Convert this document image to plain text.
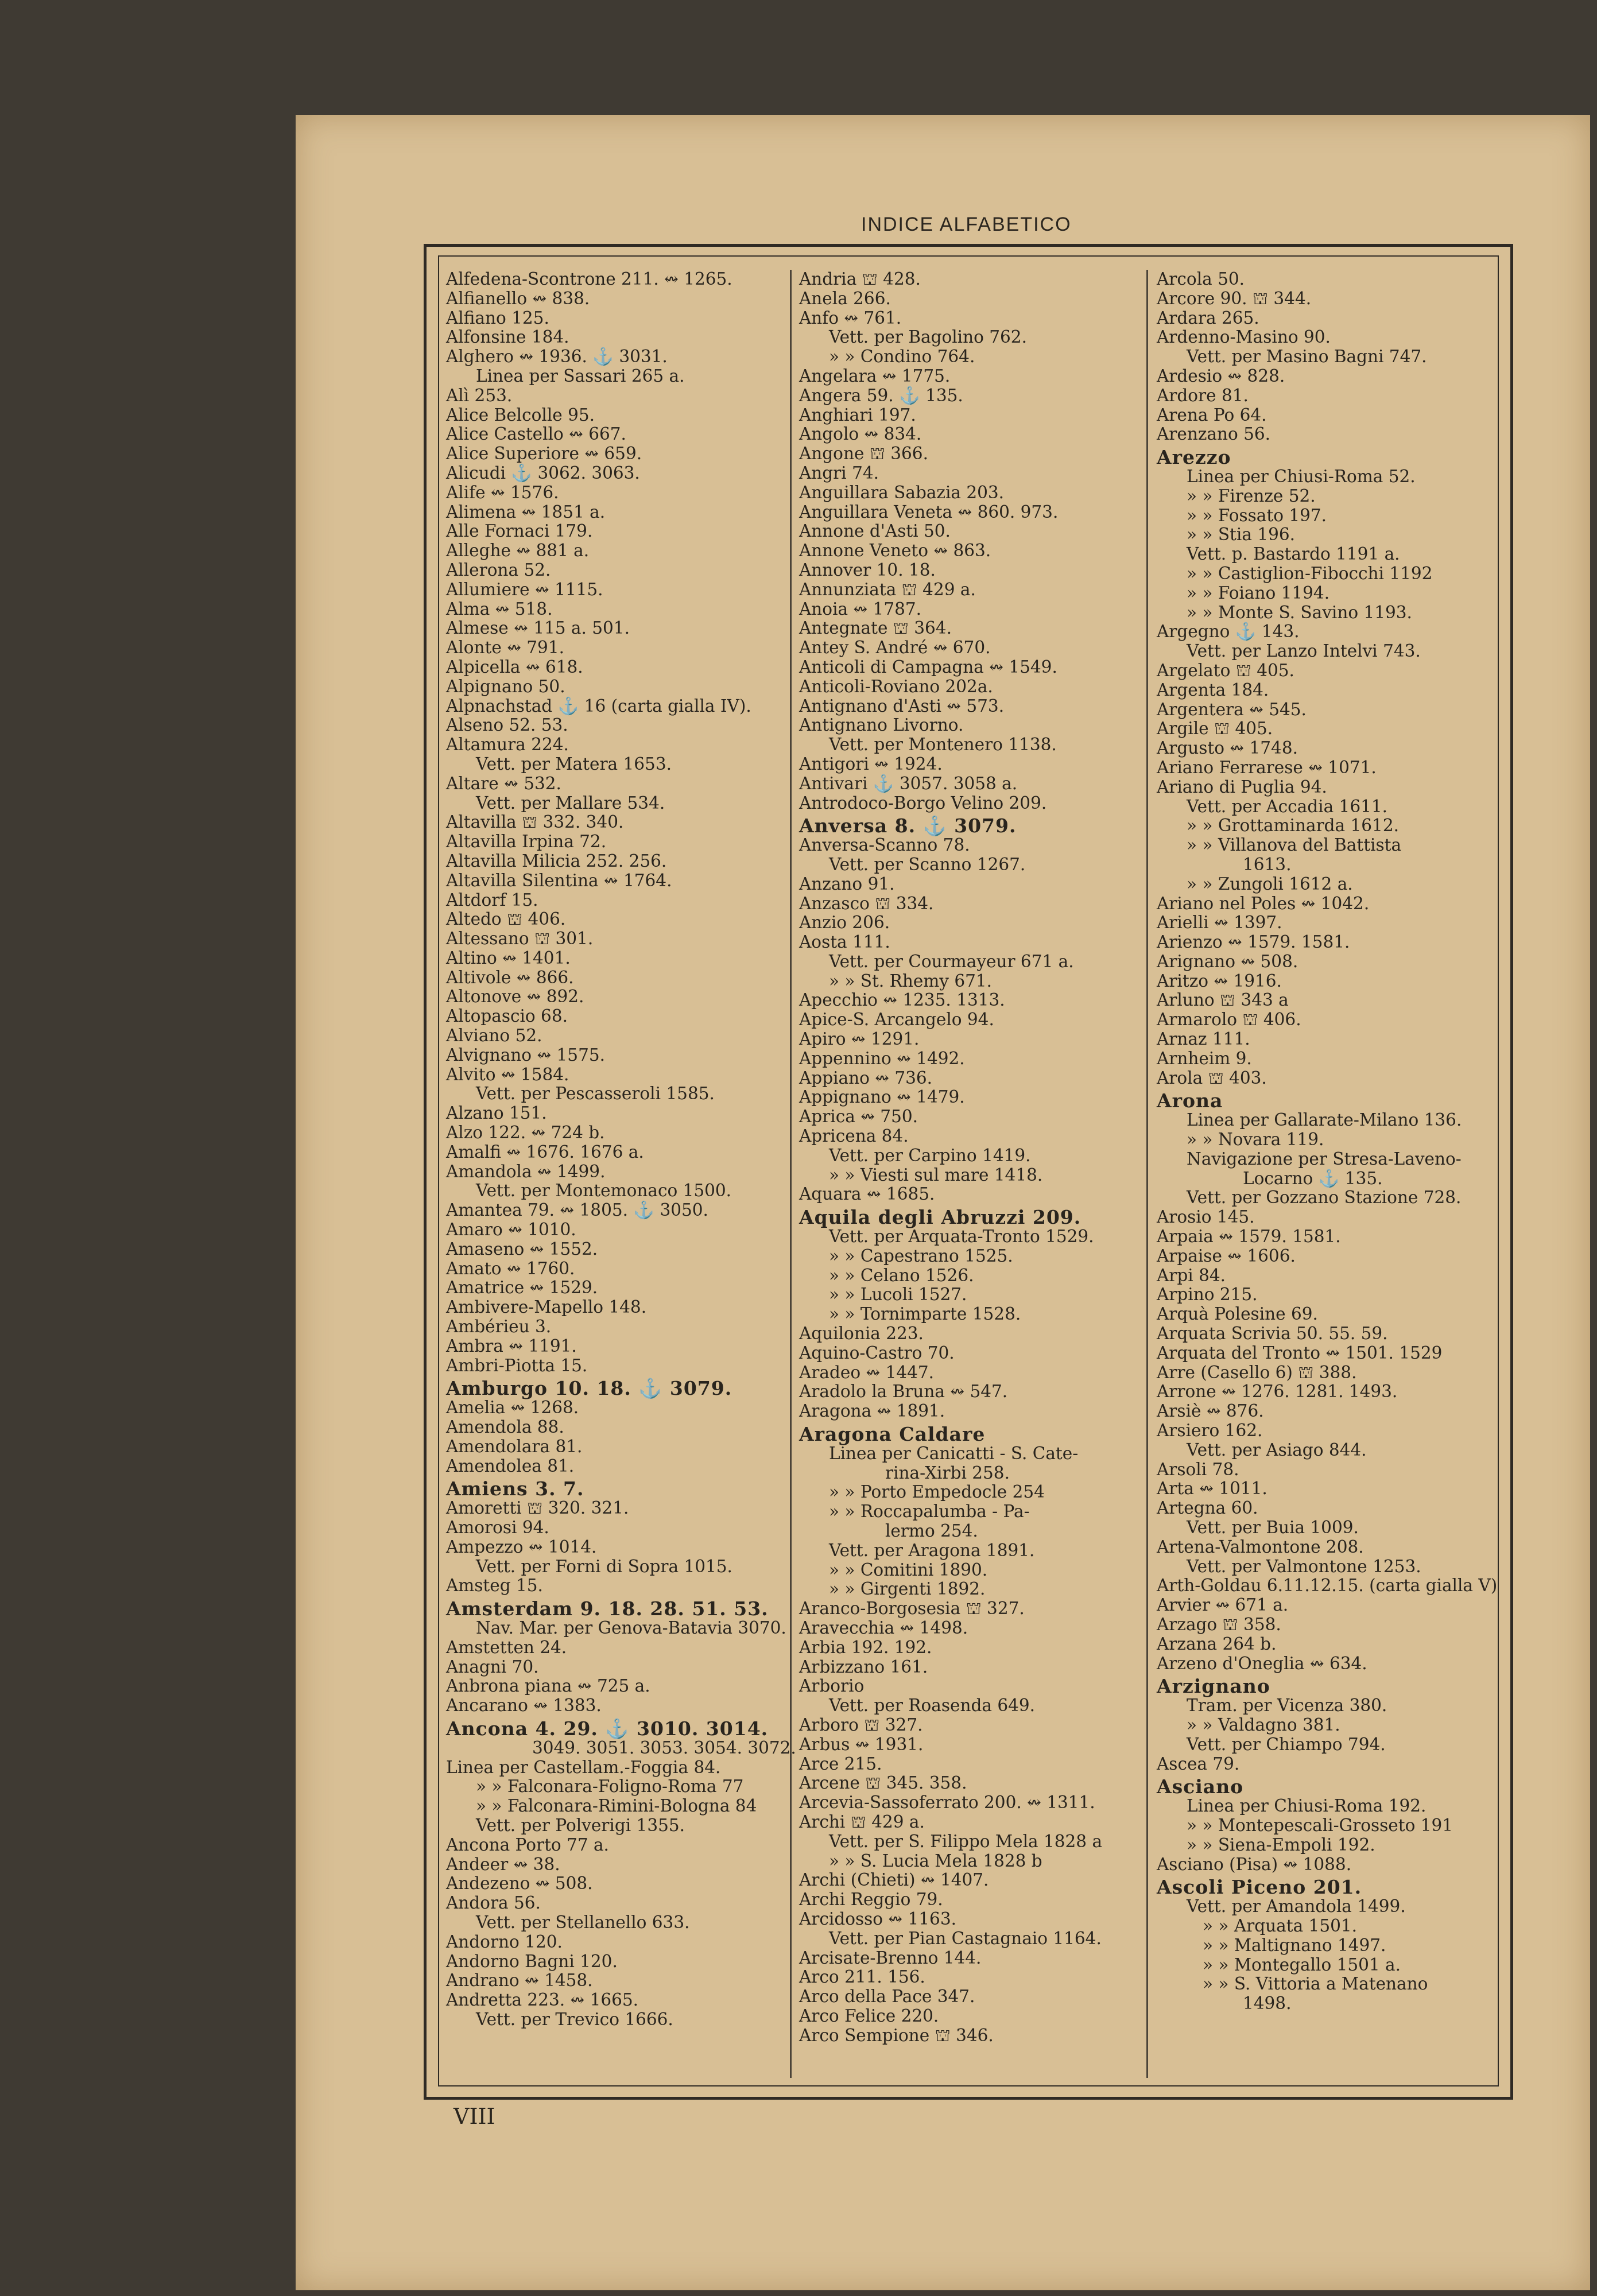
INDICE ALFABETICO
Alfedena-Scontrone 211. ↭ 1265.
Alfianello ↭ 838.
Alfiano 125.
Alfonsine 184.
Alghero ↭ 1936. ⚓ 3031.
Linea per Sassari 265 a.
Alì 253.
Alice Belcolle 95.
Alice Castello ↭ 667.
Alice Superiore ↭ 659.
Alicudi ⚓ 3062. 3063.
Alife ↭ 1576.
Alimena ↭ 1851 a.
Alle Fornaci 179.
Alleghe ↭ 881 a.
Allerona 52.
Allumiere ↭ 1115.
Alma ↭ 518.
Almese ↭ 115 a. 501.
Alonte ↭ 791.
Alpicella ↭ 618.
Alpignano 50.
Alpnachstad ⚓ 16 (carta gialla IV).
Alseno 52. 53.
Altamura 224.
Vett. per Matera 1653.
Altare ↭ 532.
Vett. per Mallare 534.
Altavilla ⛫ 332. 340.
Altavilla Irpina 72.
Altavilla Milicia 252. 256.
Altavilla Silentina ↭ 1764.
Altdorf 15.
Altedo ⛫ 406.
Altessano ⛫ 301.
Altino ↭ 1401.
Altivole ↭ 866.
Altonove ↭ 892.
Altopascio 68.
Alviano 52.
Alvignano ↭ 1575.
Alvito ↭ 1584.
Vett. per Pescasseroli 1585.
Alzano 151.
Alzo 122. ↭ 724 b.
Amalfi ↭ 1676. 1676 a.
Amandola ↭ 1499.
Vett. per Montemonaco 1500.
Amantea 79. ↭ 1805. ⚓ 3050.
Amaro ↭ 1010.
Amaseno ↭ 1552.
Amato ↭ 1760.
Amatrice ↭ 1529.
Ambivere-Mapello 148.
Ambérieu 3.
Ambra ↭ 1191.
Ambri-Piotta 15.
Amburgo 10. 18. ⚓ 3079.
Amelia ↭ 1268.
Amendola 88.
Amendolara 81.
Amendolea 81.
Amiens 3. 7.
Amoretti ⛫ 320. 321.
Amorosi 94.
Ampezzo ↭ 1014.
Vett. per Forni di Sopra 1015.
Amsteg 15.
Amsterdam 9. 18. 28. 51. 53.
Nav. Mar. per Genova-Batavia 3070.
Amstetten 24.
Anagni 70.
Anbrona piana ↭ 725 a.
Ancarano ↭ 1383.
Ancona 4. 29. ⚓ 3010. 3014.
3049. 3051. 3053. 3054. 3072.
Linea per Castellam.-Foggia 84.
» » Falconara-Foligno-Roma 77
» » Falconara-Rimini-Bologna 84
Vett. per Polverigi 1355.
Ancona Porto 77 a.
Andeer ↭ 38.
Andezeno ↭ 508.
Andora 56.
Vett. per Stellanello 633.
Andorno 120.
Andorno Bagni 120.
Andrano ↭ 1458.
Andretta 223. ↭ 1665.
Vett. per Trevico 1666.
Andria ⛫ 428.
Anela 266.
Anfo ↭ 761.
Vett. per Bagolino 762.
» » Condino 764.
Angelara ↭ 1775.
Angera 59. ⚓ 135.
Anghiari 197.
Angolo ↭ 834.
Angone ⛫ 366.
Angri 74.
Anguillara Sabazia 203.
Anguillara Veneta ↭ 860. 973.
Annone d'Asti 50.
Annone Veneto ↭ 863.
Annover 10. 18.
Annunziata ⛫ 429 a.
Anoia ↭ 1787.
Antegnate ⛫ 364.
Antey S. André ↭ 670.
Anticoli di Campagna ↭ 1549.
Anticoli-Roviano 202a.
Antignano d'Asti ↭ 573.
Antignano Livorno.
Vett. per Montenero 1138.
Antigori ↭ 1924.
Antivari ⚓ 3057. 3058 a.
Antrodoco-Borgo Velino 209.
Anversa 8. ⚓ 3079.
Anversa-Scanno 78.
Vett. per Scanno 1267.
Anzano 91.
Anzasco ⛫ 334.
Anzio 206.
Aosta 111.
Vett. per Courmayeur 671 a.
» » St. Rhemy 671.
Apecchio ↭ 1235. 1313.
Apice-S. Arcangelo 94.
Apiro ↭ 1291.
Appennino ↭ 1492.
Appiano ↭ 736.
Appignano ↭ 1479.
Aprica ↭ 750.
Apricena 84.
Vett. per Carpino 1419.
» » Viesti sul mare 1418.
Aquara ↭ 1685.
Aquila degli Abruzzi 209.
Vett. per Arquata-Tronto 1529.
» » Capestrano 1525.
» » Celano 1526.
» » Lucoli 1527.
» » Tornimparte 1528.
Aquilonia 223.
Aquino-Castro 70.
Aradeo ↭ 1447.
Aradolo la Bruna ↭ 547.
Aragona ↭ 1891.
Aragona Caldare
Linea per Canicatti - S. Cate-
rina-Xirbi 258.
» » Porto Empedocle 254
» » Roccapalumba - Pa-
lermo 254.
Vett. per Aragona 1891.
» » Comitini 1890.
» » Girgenti 1892.
Aranco-Borgosesia ⛫ 327.
Aravecchia ↭ 1498.
Arbia 192. 192.
Arbizzano 161.
Arborio
Vett. per Roasenda 649.
Arboro ⛫ 327.
Arbus ↭ 1931.
Arce 215.
Arcene ⛫ 345. 358.
Arcevia-Sassoferrato 200. ↭ 1311.
Archi ⛫ 429 a.
Vett. per S. Filippo Mela 1828 a
» » S. Lucia Mela 1828 b
Archi (Chieti) ↭ 1407.
Archi Reggio 79.
Arcidosso ↭ 1163.
Vett. per Pian Castagnaio 1164.
Arcisate-Brenno 144.
Arco 211. 156.
Arco della Pace 347.
Arco Felice 220.
Arco Sempione ⛫ 346.
Arcola 50.
Arcore 90. ⛫ 344.
Ardara 265.
Ardenno-Masino 90.
Vett. per Masino Bagni 747.
Ardesio ↭ 828.
Ardore 81.
Arena Po 64.
Arenzano 56.
Arezzo
Linea per Chiusi-Roma 52.
» » Firenze 52.
» » Fossato 197.
» » Stia 196.
Vett. p. Bastardo 1191 a.
» » Castiglion-Fibocchi 1192
» » Foiano 1194.
» » Monte S. Savino 1193.
Argegno ⚓ 143.
Vett. per Lanzo Intelvi 743.
Argelato ⛫ 405.
Argenta 184.
Argentera ↭ 545.
Argile ⛫ 405.
Argusto ↭ 1748.
Ariano Ferrarese ↭ 1071.
Ariano di Puglia 94.
Vett. per Accadia 1611.
» » Grottaminarda 1612.
» » Villanova del Battista
1613.
» » Zungoli 1612 a.
Ariano nel Poles ↭ 1042.
Arielli ↭ 1397.
Arienzo ↭ 1579. 1581.
Arignano ↭ 508.
Aritzo ↭ 1916.
Arluno ⛫ 343 a
Armarolo ⛫ 406.
Arnaz 111.
Arnheim 9.
Arola ⛫ 403.
Arona
Linea per Gallarate-Milano 136.
» » Novara 119.
Navigazione per Stresa-Laveno-
Locarno ⚓ 135.
Vett. per Gozzano Stazione 728.
Arosio 145.
Arpaia ↭ 1579. 1581.
Arpaise ↭ 1606.
Arpi 84.
Arpino 215.
Arquà Polesine 69.
Arquata Scrivia 50. 55. 59.
Arquata del Tronto ↭ 1501. 1529
Arre (Casello 6) ⛫ 388.
Arrone ↭ 1276. 1281. 1493.
Arsiè ↭ 876.
Arsiero 162.
Vett. per Asiago 844.
Arsoli 78.
Arta ↭ 1011.
Artegna 60.
Vett. per Buia 1009.
Artena-Valmontone 208.
Vett. per Valmontone 1253.
Arth-Goldau 6.11.12.15. (carta gialla V)
Arvier ↭ 671 a.
Arzago ⛫ 358.
Arzana 264 b.
Arzeno d'Oneglia ↭ 634.
Arzignano
Tram. per Vicenza 380.
» » Valdagno 381.
Vett. per Chiampo 794.
Ascea 79.
Asciano
Linea per Chiusi-Roma 192.
» » Montepescali-Grosseto 191
» » Siena-Empoli 192.
Asciano (Pisa) ↭ 1088.
Ascoli Piceno 201.
Vett. per Amandola 1499.
» » Arquata 1501.
» » Maltignano 1497.
» » Montegallo 1501 a.
» » S. Vittoria a Matenano
1498.
VIII
